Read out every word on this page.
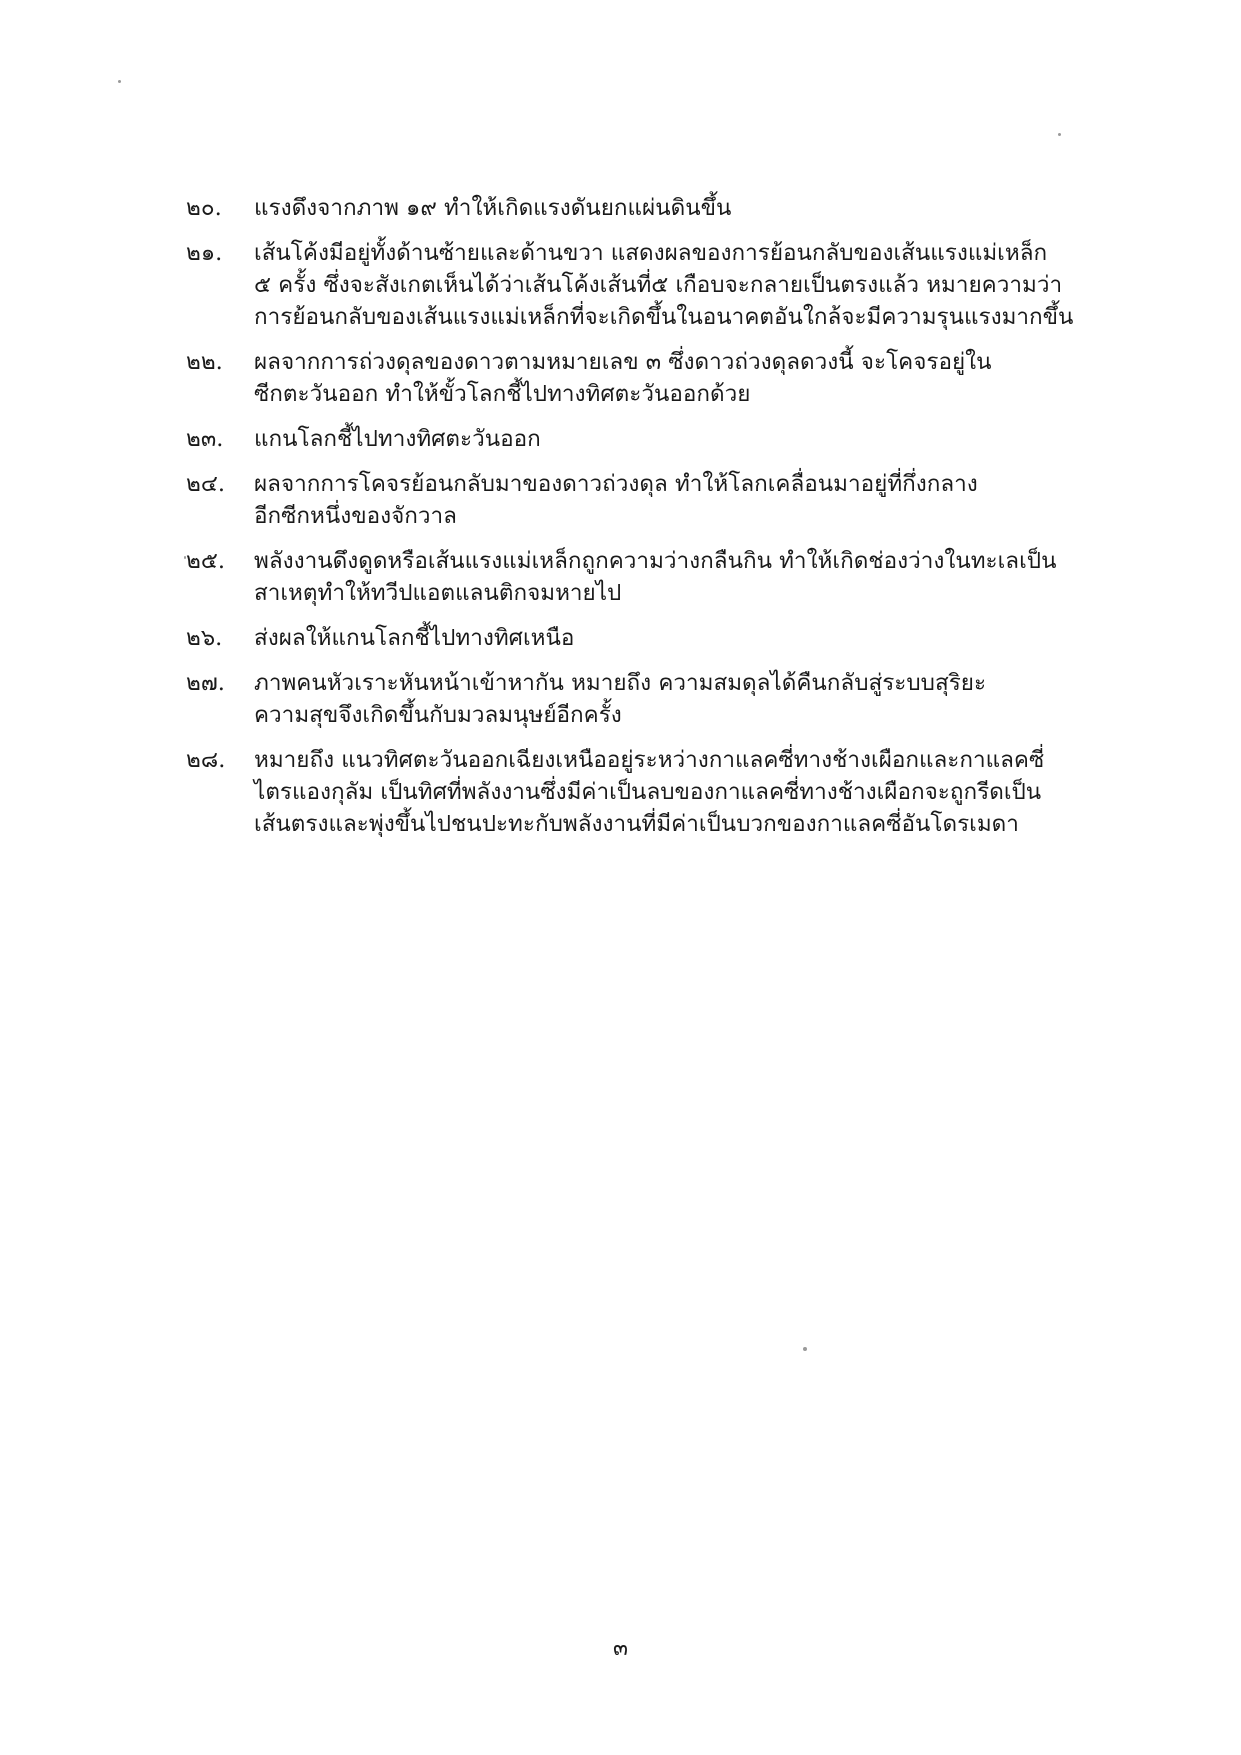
๒๐.	แรงดึงจากภาพ ๑๙ ทำให้เกิดแรงดันยกแผ่นดินขึ้น
๒๑.	เส้นโค้งมีอยู่ทั้งด้านซ้ายและด้านขวา แสดงผลของการย้อนกลับของเส้นแรงแม่เหล็ก
๕ ครั้ง ซึ่งจะสังเกตเห็นได้ว่าเส้นโค้งเส้นที่๕ เกือบจะกลายเป็นตรงแล้ว หมายความว่า
การย้อนกลับของเส้นแรงแม่เหล็กที่จะเกิดขึ้นในอนาคตอันใกล้จะมีความรุนแรงมากขึ้น
๒๒.	ผลจากการถ่วงดุลของดาวตามหมายเลข ๓ ซึ่งดาวถ่วงดุลดวงนี้ จะโคจรอยู่ใน
ซีกตะวันออก ทำให้ขั้วโลกชี้ไปทางทิศตะวันออกด้วย
๒๓.	แกนโลกชี้ไปทางทิศตะวันออก
๒๔.	ผลจากการโคจรย้อนกลับมาของดาวถ่วงดุล ทำให้โลกเคลื่อนมาอยู่ที่กึ่งกลาง
อีกซีกหนึ่งของจักวาล
๒๕.	พลังงานดึงดูดหรือเส้นแรงแม่เหล็กถูกความว่างกลืนกิน ทำให้เกิดช่องว่างในทะเลเป็น
สาเหตุทำให้ทวีปแอตแลนติกจมหายไป
๒๖.	ส่งผลให้แกนโลกชี้ไปทางทิศเหนือ
๒๗.	ภาพคนหัวเราะหันหน้าเข้าหากัน หมายถึง ความสมดุลได้คืนกลับสู่ระบบสุริยะ
ความสุขจึงเกิดขึ้นกับมวลมนุษย์อีกครั้ง
๒๘.	หมายถึง แนวทิศตะวันออกเฉียงเหนืออยู่ระหว่างกาแลคซี่ทางช้างเผือกและกาแลคซี่
ไตรแองกุลัม เป็นทิศที่พลังงานซึ่งมีค่าเป็นลบของกาแลคซี่ทางช้างเผือกจะถูกรีดเป็น
เส้นตรงและพุ่งขึ้นไปชนปะทะกับพลังงานที่มีค่าเป็นบวกของกาแลคซี่อันโดรเมดา
๓
